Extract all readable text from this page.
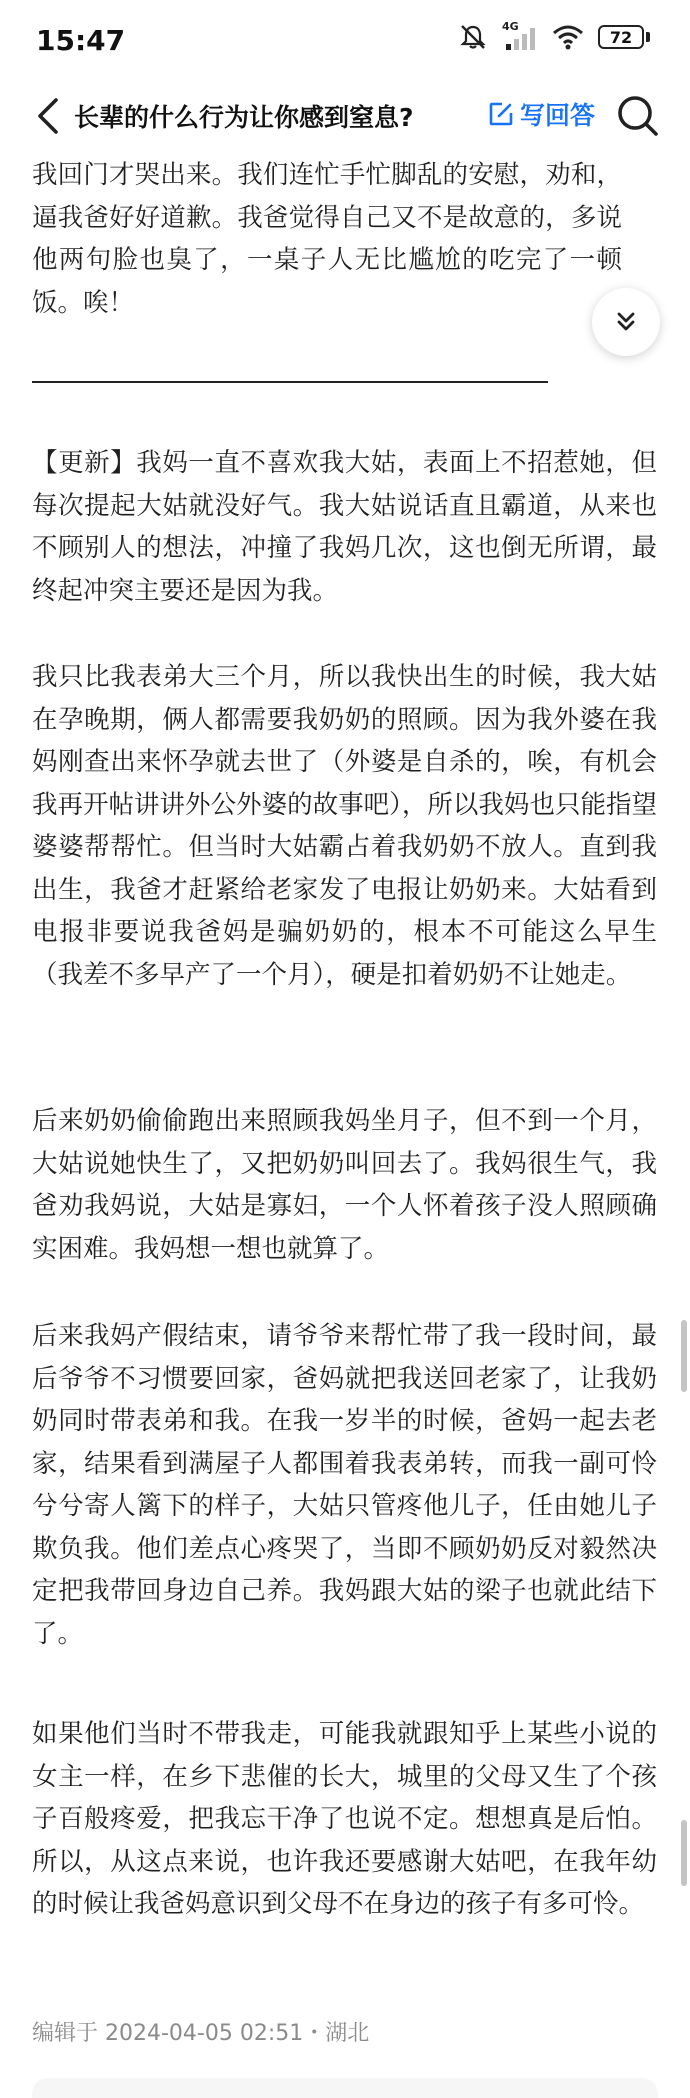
15:47	4G
72
长辈的什么行为让你感到窒息?	写回答
我回门才哭出来。我们连忙手忙脚乱的安慰，劝和，逼我爸好好道歉。我爸觉得自己又不是故意的，多说他两句脸也臭了，一桌子人无比尴尬的吃完了一顿饭。唉！
【更新】我妈一直不喜欢我大姑，表面上不招惹她，但每次提起大姑就没好气。我大姑说话直且霸道，从来也不顾别人的想法，冲撞了我妈几次，这也倒无所谓，最终起冲突主要还是因为我。
我只比我表弟大三个月，所以我快出生的时候，我大姑在孕晚期，俩人都需要我奶奶的照顾。因为我外婆在我妈刚查出来怀孕就去世了（外婆是自杀的，唉，有机会我再开帖讲讲外公外婆的故事吧），所以我妈也只能指望婆婆帮帮忙。但当时大姑霸占着我奶奶不放人。直到我出生，我爸才赶紧给老家发了电报让奶奶来。大姑看到电报非要说我爸妈是骗奶奶的，根本不可能这么早生（我差不多早产了一个月），硬是扣着奶奶不让她走。
后来奶奶偷偷跑出来照顾我妈坐月子，但不到一个月，大姑说她快生了，又把奶奶叫回去了。我妈很生气，我爸劝我妈说，大姑是寡妇，一个人怀着孩子没人照顾确实困难。我妈想一想也就算了。
后来我妈产假结束，请爷爷来帮忙带了我一段时间，最后爷爷不习惯要回家，爸妈就把我送回老家了，让我奶奶同时带表弟和我。在我一岁半的时候，爸妈一起去老家，结果看到满屋子人都围着我表弟转，而我一副可怜兮兮寄人篱下的样子，大姑只管疼他儿子，任由她儿子欺负我。他们差点心疼哭了，当即不顾奶奶反对毅然决定把我带回身边自己养。我妈跟大姑的梁子也就此结下了。
如果他们当时不带我走，可能我就跟知乎上某些小说的女主一样，在乡下悲催的长大，城里的父母又生了个孩子百般疼爱，把我忘干净了也说不定。想想真是后怕。所以，从这点来说，也许我还要感谢大姑吧，在我年幼的时候让我爸妈意识到父母不在身边的孩子有多可怜。
编辑于 2024-04-05 02:51・湖北
